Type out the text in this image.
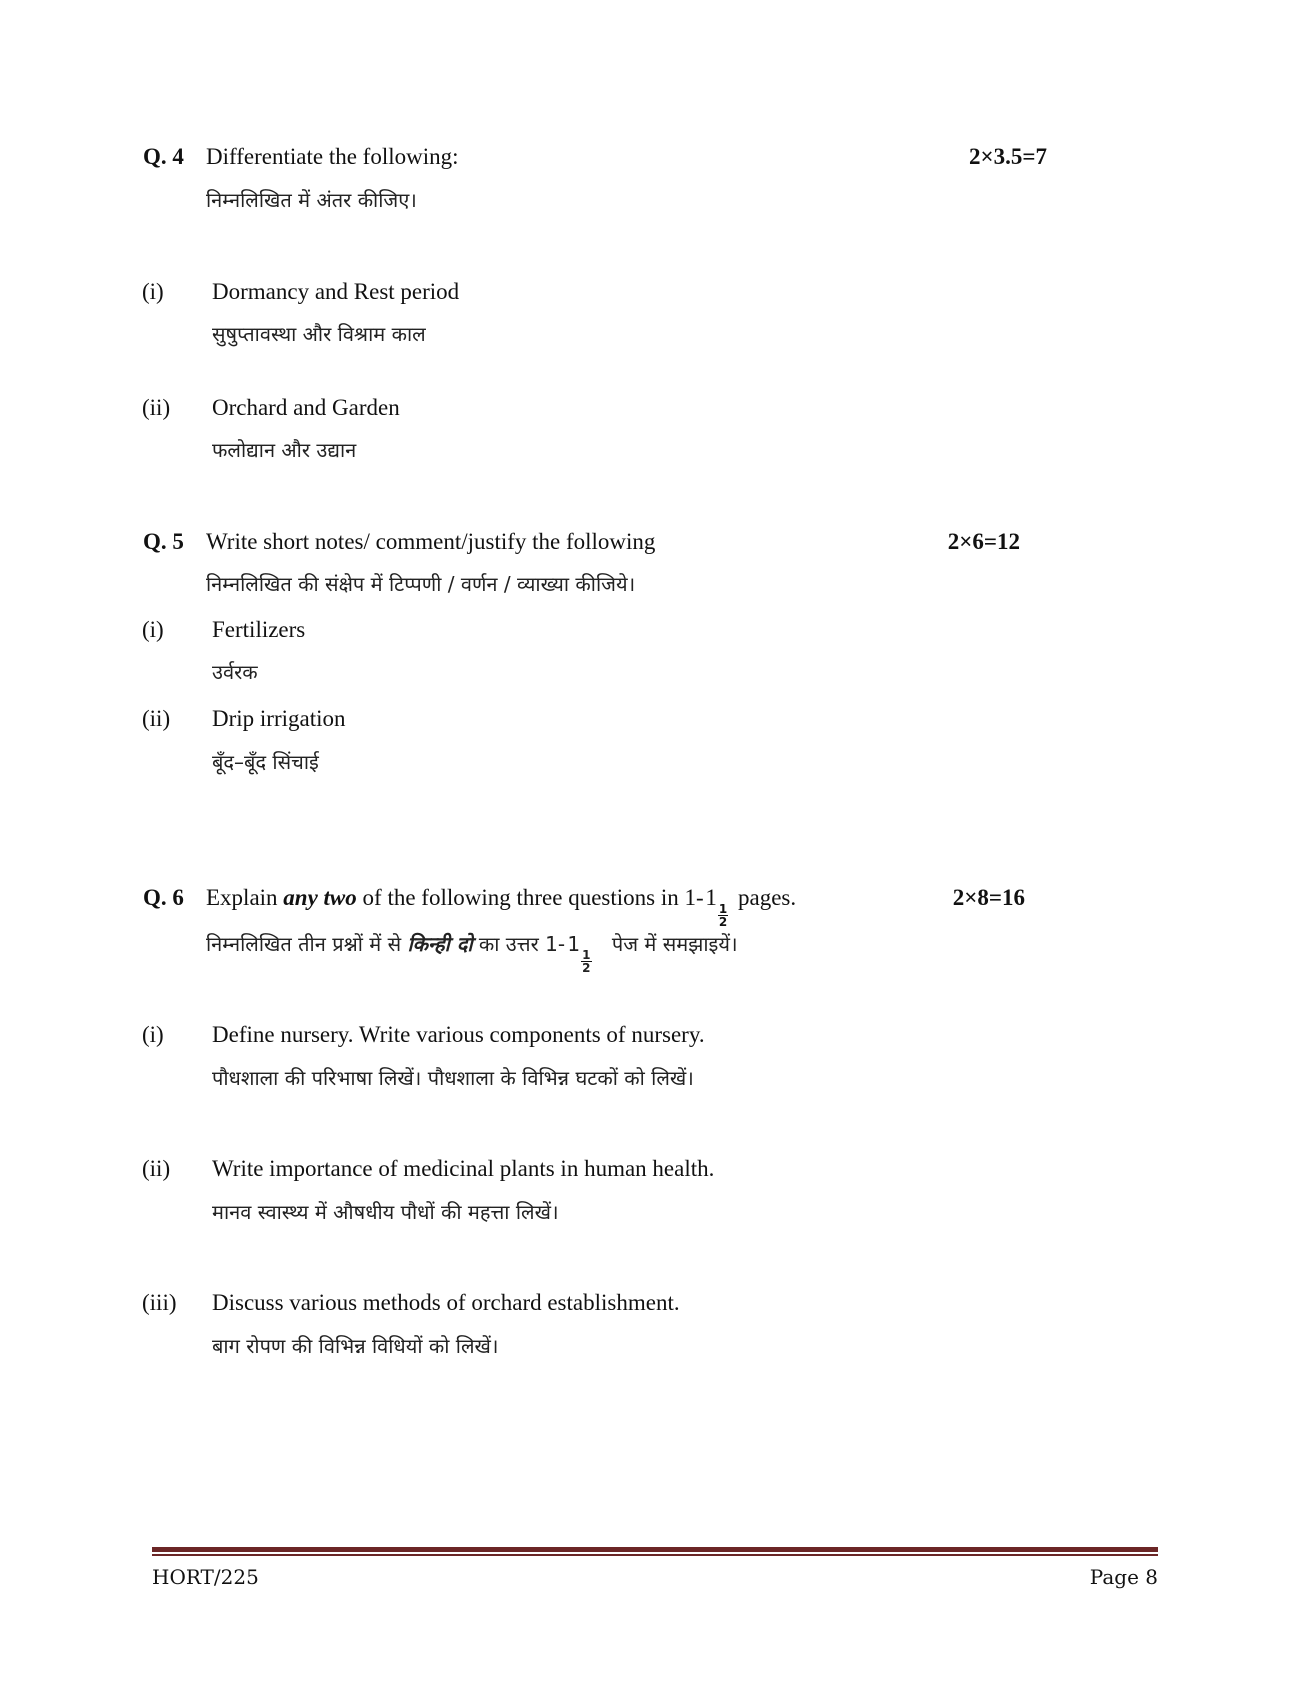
Q. 4 Differentiate the following:	2×3.5=7
निम्नलिखित में अंतर कीजिए।
(i) Dormancy and Rest period
सुषुप्तावस्था और विश्राम काल
(ii) Orchard and Garden
फलोद्यान और उद्यान
Q. 5 Write short notes/ comment/justify the following	2×6=12
निम्नलिखित की संक्षेप में टिप्पणी / वर्णन / व्याख्या कीजिये।
(i) Fertilizers
उर्वरक
(ii) Drip irrigation
बूँद–बूँद सिंचाई
Q. 6 Explain any two of the following three questions in 1- 1
$\frac{1}{2}$
pages.	2×8=16
निम्नलिखित तीन प्रश्नों में से किन्ही दो का उत्तर 1- 1
$\frac{1}{2}$
पेज में समझाइयें।
(i) Define nursery. Write various components of nursery.
पौधशाला की परिभाषा लिखें। पौधशाला के विभिन्न घटकों को लिखें।
(ii) Write importance of medicinal plants in human health.
मानव स्वास्थ्य में औषधीय पौधों की महत्ता लिखें।
(iii) Discuss various methods of orchard establishment.
बाग रोपण की विभिन्न विधियों को लिखें।
HORT/225	Page 8
